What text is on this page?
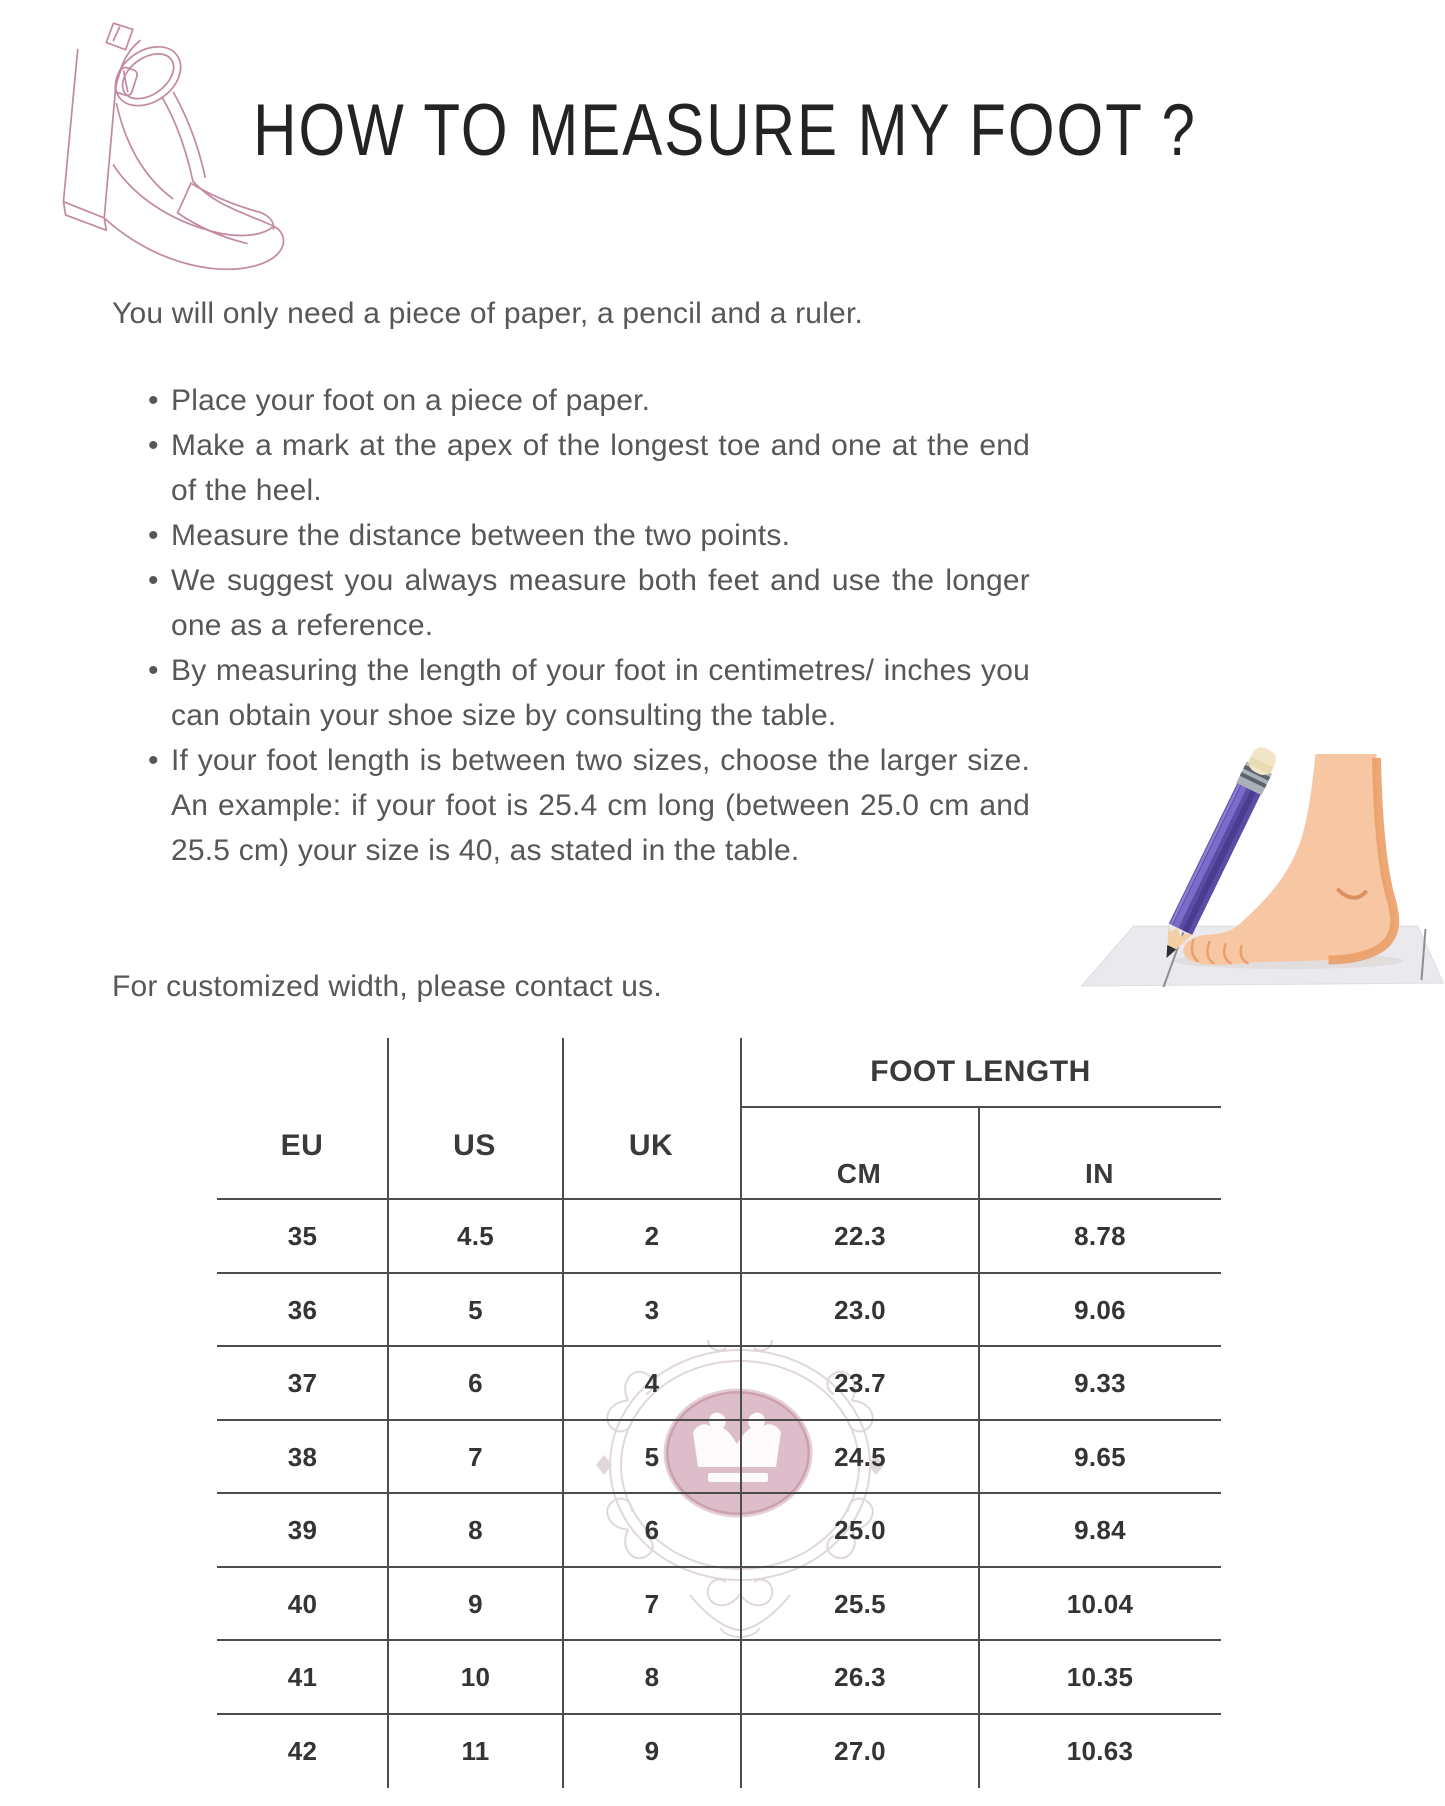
HOW TO MEASURE MY FOOT ?
You will only need a piece of paper, a pencil and a ruler.
• Place your foot on a piece of paper.
• Make a mark at the apex of the longest toe and one at the end of the heel.
• Measure the distance between the two points.
• We suggest you always measure both feet and use the longer one as a reference.
• By measuring the length of your foot in centimetres/ inches you can obtain your shoe size by consulting the table.
• If your foot length is between two sizes, choose the larger size. An example: if your foot is 25.4 cm long (between 25.0 cm and 25.5 cm) your size is 40, as stated in the table.
For customized width, please contact us.
FOOT LENGTH
EU	US	UK
CM	IN
35	4.5	2	22.3	8.78
36	5	3	23.0	9.06
37	6	4	23.7	9.33
38	7	5	24.5	9.65
39	8	6	25.0	9.84
40	9	7	25.5	10.04
41	10	8	26.3	10.35
42	11	9	27.0	10.63
